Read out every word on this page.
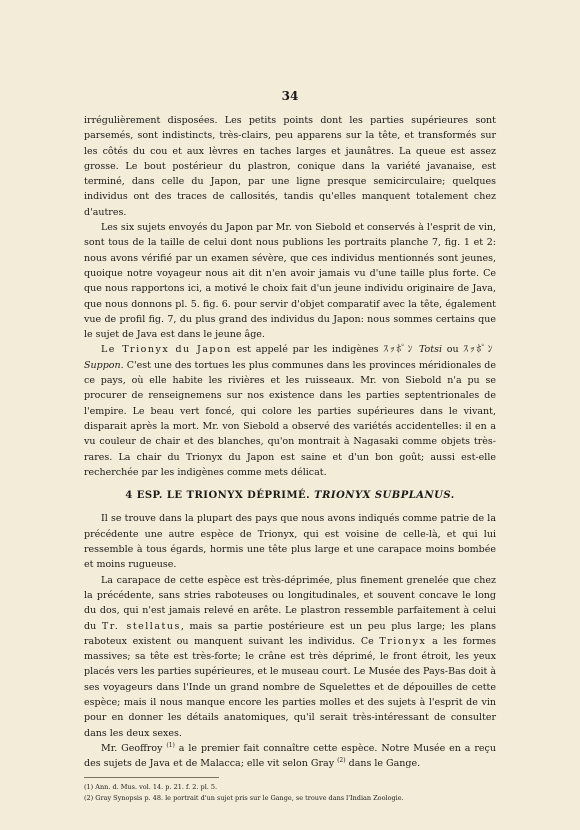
34

irrégulièrement disposées. Les petits points dont les parties supérieures sont parsemés, sont indistincts, très-clairs, peu apparens sur la tête, et transformés sur les côtés du cou et aux lèvres en taches larges et jaunâtres. La queue est assez grosse. Le bout postérieur du plastron, conique dans la variété javanaise, est terminé, dans celle du Japon, par une ligne presque semicirculaire; quelques individus ont des traces de callosités, tandis qu'elles manquent totalement chez d'autres.

Les six sujets envoyés du Japon par Mr. von Siebold et conservés à l'esprit de vin, sont tous de la taille de celui dont nous publions les portraits planche 7, fig. 1 et 2: nous avons vérifié par un examen sévère, que ces individus mentionnés sont jeunes, quoique notre voyageur nous ait dit n'en avoir jamais vu d'une taille plus forte. Ce que nous rapportons ici, a motivé le choix fait d'un jeune individu originaire de Java, que nous donnons pl. 5. fig. 6. pour servir d'objet comparatif avec la tête, également vue de profil fig. 7, du plus grand des individus du Japon: nous sommes certains que le sujet de Java est dans le jeune âge.

Le Trionyx du Japon est appelé par les indigènes ｽｯﾎﾟﾝ Totsi ou ｽｯﾎﾟﾝ Suppon. C'est une des tortues les plus communes dans les provinces méridionales de ce pays, où elle habite les rivières et les ruisseaux. Mr. von Siebold n'a pu se procurer de renseignemens sur nos existence dans les parties septentrionales de l'empire. Le beau vert foncé, qui colore les parties supérieures dans le vivant, disparait après la mort. Mr. von Siebold a observé des variétés accidentelles: il en a vu couleur de chair et des blanches, qu'on montrait à Nagasaki comme objets très-rares. La chair du Trionyx du Japon est saine et d'un bon goût; aussi est-elle recherchée par les indigènes comme mets délicat.

4 ESP. LE TRIONYX DÉPRIMÉ. TRIONYX SUBPLANUS.

Il se trouve dans la plupart des pays que nous avons indiqués comme patrie de la précédente une autre espèce de Trionyx, qui est voisine de celle-là, et qui lui ressemble à tous égards, hormis une tête plus large et une carapace moins bombée et moins rugueuse.

La carapace de cette espèce est très-déprimée, plus finement grenelée que chez la précédente, sans stries raboteuses ou longitudinales, et souvent concave le long du dos, qui n'est jamais relevé en arête. Le plastron ressemble parfaitement à celui du Tr. stellatus, mais sa partie postérieure est un peu plus large; les plans raboteux existent ou manquent suivant les individus. Ce Trionyx a les formes massives; sa tête est très-forte; le crâne est très déprimé, le front étroit, les yeux placés vers les parties supérieures, et le museau court. Le Musée des Pays-Bas doit à ses voyageurs dans l'Inde un grand nombre de Squelettes et de dépouilles de cette espèce; mais il nous manque encore les parties molles et des sujets à l'esprit de vin pour en donner les détails anatomiques, qu'il serait très-intéressant de consulter dans les deux sexes.

Mr. Geoffroy $^{(1)}$ a le premier fait connaître cette espèce. Notre Musée en a reçu des sujets de Java et de Malacca; elle vit selon Gray $^{(2)}$ dans le Gange.

(1) Ann. d. Mus. vol. 14. p. 21. f. 2. pl. 5.

(2) Gray Synopsis p. 48. le portrait d'un sujet pris sur le Gange, se trouve dans l'Indian Zoologie.
